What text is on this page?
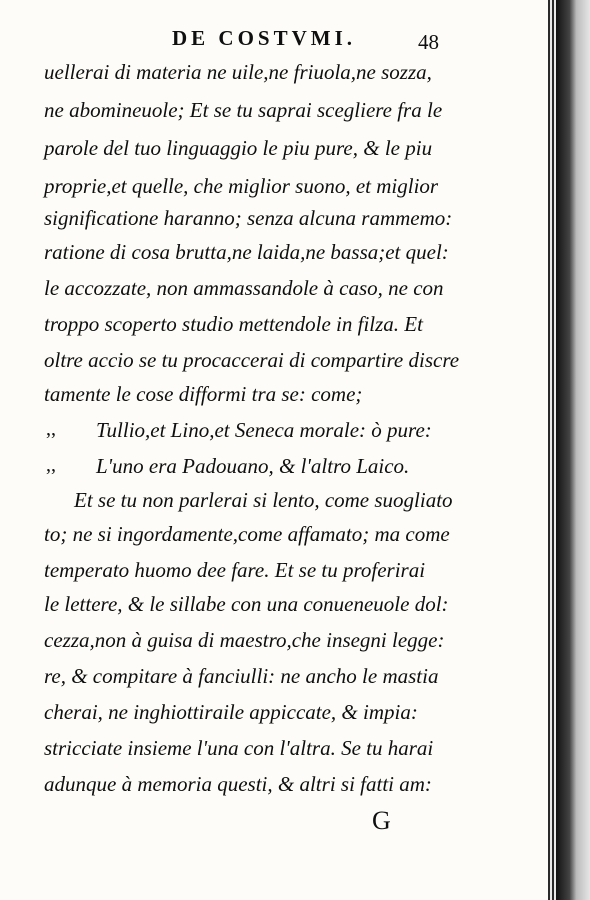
DE COSTVMI.	48
uellerai di materia ne uile,ne friuola,ne sozza,
ne abomineuole; Et se tu saprai scegliere fra le
parole del tuo linguaggio le piu pure, & le piu
proprie,et quelle, che miglior suono, et miglior
significatione haranno; senza alcuna rammemo:
ratione di cosa brutta,ne laida,ne bassa;et quel:
le accozzate, non ammassandole à caso, ne con
troppo scoperto studio mettendole in filza. Et
oltre accio se tu procaccerai di compartire discre
tamente le cose difformi tra se: come;
,, Tullio,et Lino,et Seneca morale: ò pure:
,, L'uno era Padouano, & l'altro Laico.
Et se tu non parlerai si lento, come suogliato
to; ne si ingordamente,come affamato; ma come
temperato huomo dee fare. Et se tu proferirai
le lettere, & le sillabe con una conueneuole dol:
cezza,non à guisa di maestro,che insegni legge:
re, & compitare à fanciulli: ne ancho le mastia
cherai, ne inghiottiraile appiccate, & impia:
stricciate insieme l'una con l'altra. Se tu harai
adunque à memoria questi, & altri si fatti am:
G
